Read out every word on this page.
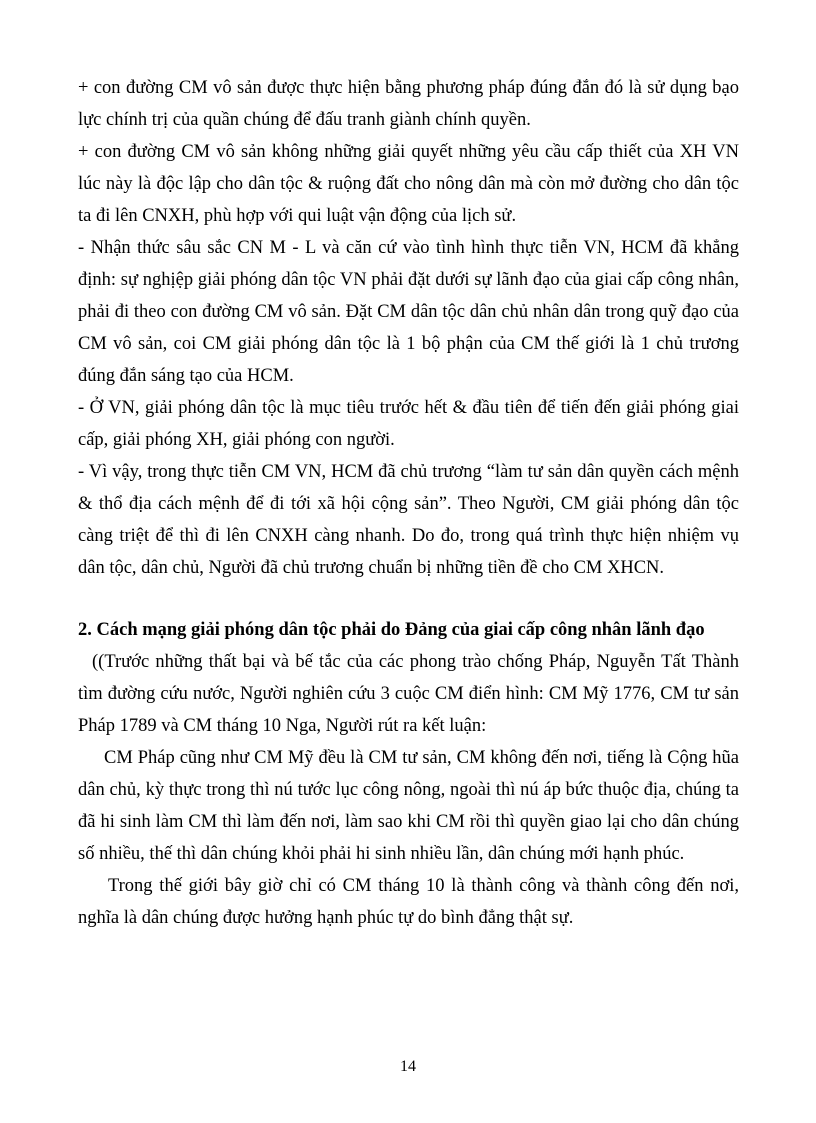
+ con đường CM vô sản được thực hiện bằng phương pháp đúng đắn đó là sử dụng bạo lực chính trị của quần chúng để đấu tranh giành chính quyền.

+ con đường CM vô sản không những giải quyết những yêu cầu cấp thiết của XH VN lúc này là độc lập cho dân tộc & ruộng đất cho nông dân mà còn mở đường cho dân tộc ta đi lên CNXH, phù hợp với qui luật vận động của lịch sử.

- Nhận thức sâu sắc CN M - L và căn cứ vào tình hình thực tiễn VN, HCM đã khẳng định: sự nghịệp giải phóng dân tộc VN phải đặt dưới sự lãnh đạo của giai cấp công nhân, phải đi theo con đường CM vô sản. Đặt CM dân tộc dân chủ nhân dân trong quỹ đạo của CM vô sản, coi CM giải phóng dân tộc là 1 bộ phận của CM thế giới là 1 chủ trương đúng đắn sáng tạo của HCM.

- Ở VN, giải phóng dân tộc là mục tiêu trước hết & đầu tiên để tiến đến giải phóng giai cấp, giải phóng XH, giải phóng con người.

- Vì vậy, trong thực tiễn CM VN, HCM đã chủ trương “làm tư sản dân quyền cách mệnh & thổ địa cách mệnh để đi tới xã hội cộng sản”. Theo Người, CM giải phóng dân tộc càng triệt để thì đi lên CNXH càng nhanh. Do đo, trong quá trình thực hiện nhiệm vụ dân tộc, dân chủ, Người đã chủ trương chuẩn bị những tiền đề cho CM XHCN.

2. Cách mạng giải phóng dân tộc phải do Đảng của giai cấp công nhân lãnh đạo

((Trước những thất bại và bế tắc của các phong trào chống Pháp, Nguyễn Tất Thành tìm đường cứu nước, Người nghiên cứu 3 cuộc CM điển hình: CM Mỹ 1776, CM tư sản Pháp 1789 và CM tháng 10 Nga, Người rút ra kết luận:

CM Pháp cũng như CM Mỹ đều là CM tư sản, CM không đến nơi, tiếng là Cộng hũa dân chủ, kỳ thực trong thì nú tước lục công nông, ngoài thì nú áp bức thuộc địa, chúng ta đã hi sinh làm CM thì làm đến nơi, làm sao khi CM rồi thì quyền giao lại cho dân chúng số nhiều, thế thì dân chúng khỏi phải hi sinh nhiều lần, dân chúng mới hạnh phúc.

Trong thế giới bây giờ chỉ có CM tháng 10 là thành công và thành công đến nơi, nghĩa là dân chúng được hưởng hạnh phúc tự do bình đẳng thật sự.

14
